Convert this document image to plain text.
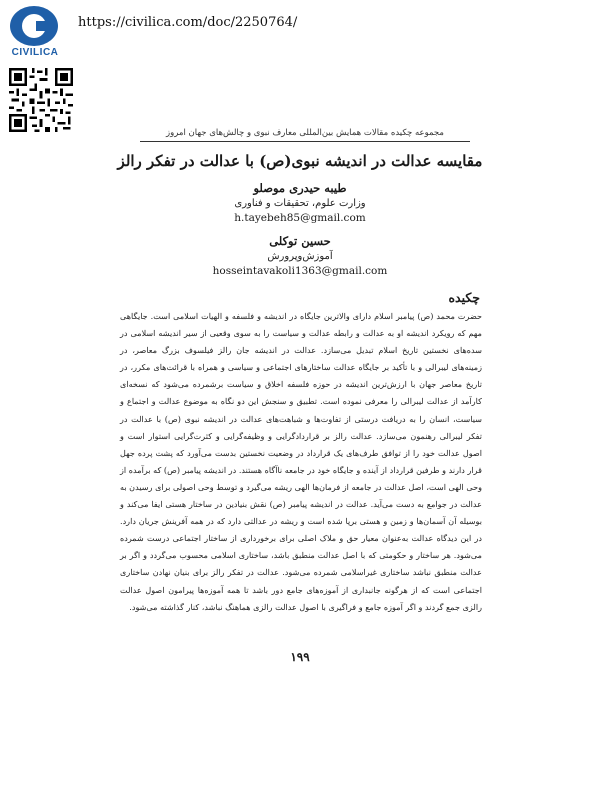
CIVILICA
https://civilica.com/doc/2250764/
مجموعه چکیده مقالات همایش بین‌المللی معارف نبوی و چالش‌های جهان امروز
مقایسه عدالت در اندیشه نبوی(ص) با عدالت در تفکر رالز
طیبه حیدری موصلو
وزارت علوم، تحقیقات و فناوری
h.tayebeh85@gmail.com
حسین توکلی
آموزش‌وپرورش
hosseintavakoli1363@gmail.com
چکیده
حضرت محمد (ص) پیامبر اسلام دارای والاترین جایگاه در اندیشه و فلسفه و الهیات اسلامی است. جایگاهی مهم که رویکرد اندیشه او به عدالت و رابطه عدالت و سیاست را به سوی وقعیی از سیر اندیشه اسلامی در سده‌های نخستین تاریخ اسلام تبدیل می‌سازد. عدالت در اندیشه جان رالز فیلسوف بزرگ معاصر، در زمینه‌های لیبرالی و با تأکید بر جایگاه عدالت ساختارهای اجتماعی و سیاسی و همراه با قرائت‌های مکرر، در تاریخ معاصر جهان با ارزش‌ترین اندیشه در حوزه فلسفه اخلاق و سیاست برشمرده می‌شود که نسخه‌ای کارآمد از عدالت لیبرالی را معرفی نموده است. تطبیق و سنجش این دو نگاه به موضوع عدالت و اجتماع و سیاست، انسان را به دریافت درستی از تفاوت‌ها و شباهت‌های عدالت در اندیشه نبوی (ص) با عدالت در تفکر لیبرالی رهنمون می‌سازد. عدالت رالز بر قراردادگرایی و وظیفه‌گرایی و کثرت‌گرایی استوار است و اصول عدالت خود را از توافق طرف‌های یک قرارداد در وضعیت نخستین بدست می‌آورد که پشت پرده جهل قرار دارند و طرفین قرارداد از آینده و جایگاه خود در جامعه ناآگاه هستند. در اندیشه پیامبر (ص) که برآمده از وحی الهی است، اصل عدالت در جامعه از فرمان‌ها الهی ریشه می‌گیرد و توسط وحی اصولی برای رسیدن به عدالت در جوامع به دست می‌آید. عدالت در اندیشه پیامبر (ص) نقش بنیادین در ساختار هستی ایفا می‌کند و بوسیله آن آسمان‌ها و زمین و هستی برپا شده است و ریشه در عدالتی دارد که در همه آفرینش جریان دارد. در این دیدگاه عدالت به‌عنوان معیار حق و ملاک اصلی برای برخورداری از ساختار اجتماعی درست شمرده می‌شود. هر ساختار و حکومتی که با اصل عدالت منطبق باشد، ساختاری اسلامی محسوب می‌گردد و اگر بر عدالت منطبق نباشد ساختاری غیراسلامی شمرده می‌شود. عدالت در تفکر رالز برای بنیان نهادن ساختاری اجتماعی است که از هرگونه جانبداری از آموزه‌های جامع دور باشد تا همه آموزه‌ها پیرامون اصول عدالت رالزی جمع گردند و اگر آموزه جامع و فراگیری با اصول عدالت رالزی هماهنگ نباشد، کنار گذاشته می‌شود.
۱۹۹
